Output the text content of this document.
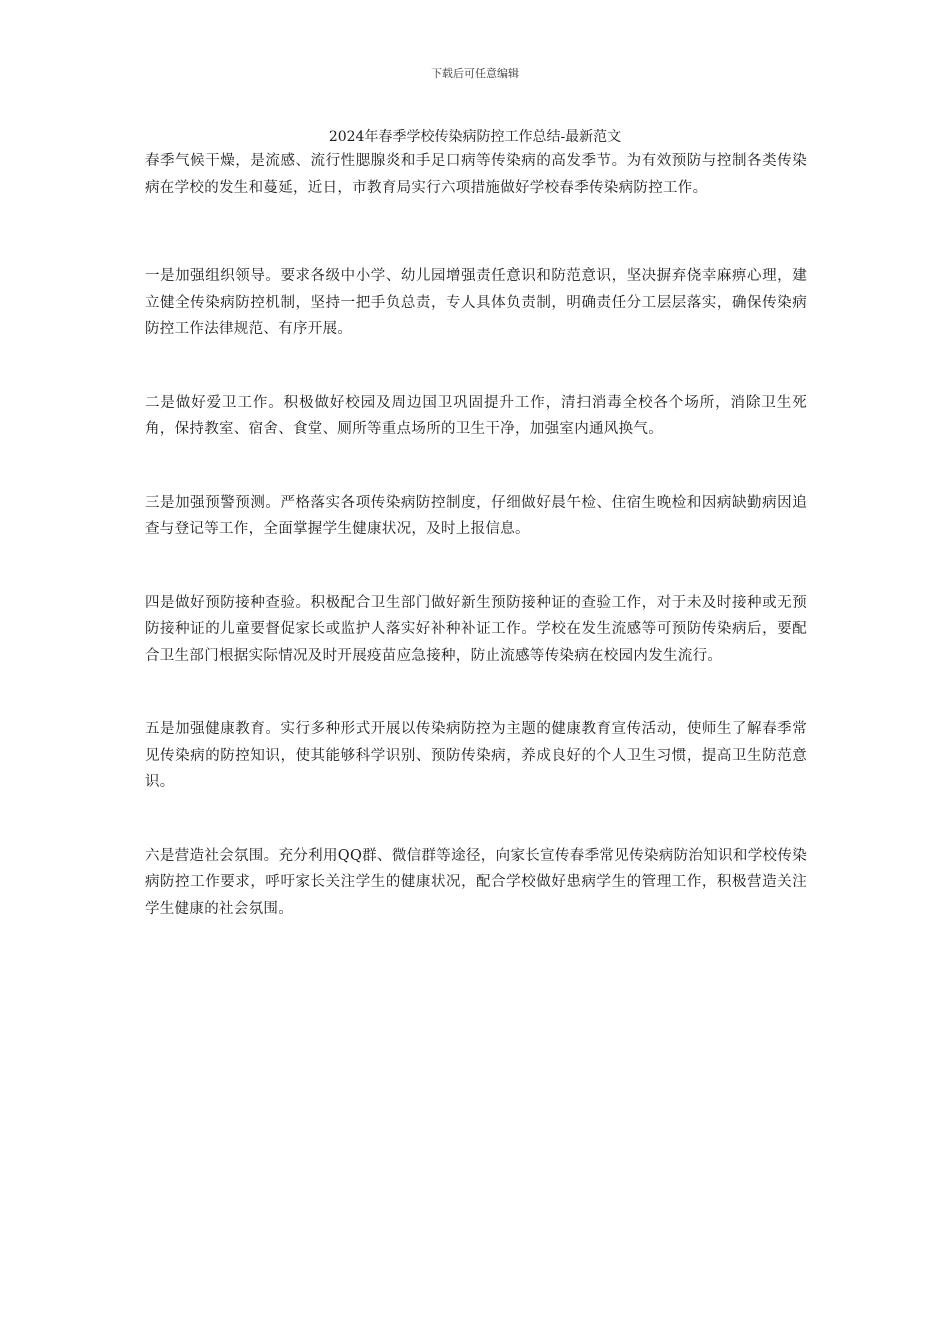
下载后可任意编辑
2024年春季学校传染病防控工作总结-最新范文

春季气候干燥，是流感、流行性腮腺炎和手足口病等传染病的高发季节。为有效预防与控制各类传染病在学校的发生和蔓延，近日，市教育局实行六项措施做好学校春季传染病防控工作。

一是加强组织领导。要求各级中小学、幼儿园增强责任意识和防范意识，坚决摒弃侥幸麻痹心理，建立健全传染病防控机制，坚持一把手负总责，专人具体负责制，明确责任分工层层落实，确保传染病防控工作法律规范、有序开展。

二是做好爱卫工作。积极做好校园及周边国卫巩固提升工作，清扫消毒全校各个场所，消除卫生死角，保持教室、宿舍、食堂、厕所等重点场所的卫生干净，加强室内通风换气。

三是加强预警预测。严格落实各项传染病防控制度，仔细做好晨午检、住宿生晚检和因病缺勤病因追查与登记等工作，全面掌握学生健康状况，及时上报信息。

四是做好预防接种查验。积极配合卫生部门做好新生预防接种证的查验工作，对于未及时接种或无预防接种证的儿童要督促家长或监护人落实好补种补证工作。学校在发生流感等可预防传染病后，要配合卫生部门根据实际情况及时开展疫苗应急接种，防止流感等传染病在校园内发生流行。

五是加强健康教育。实行多种形式开展以传染病防控为主题的健康教育宣传活动，使师生了解春季常见传染病的防控知识，使其能够科学识别、预防传染病，养成良好的个人卫生习惯，提高卫生防范意识。

六是营造社会氛围。充分利用QQ群、微信群等途径，向家长宣传春季常见传染病防治知识和学校传染病防控工作要求，呼吁家长关注学生的健康状况，配合学校做好患病学生的管理工作，积极营造关注学生健康的社会氛围。
